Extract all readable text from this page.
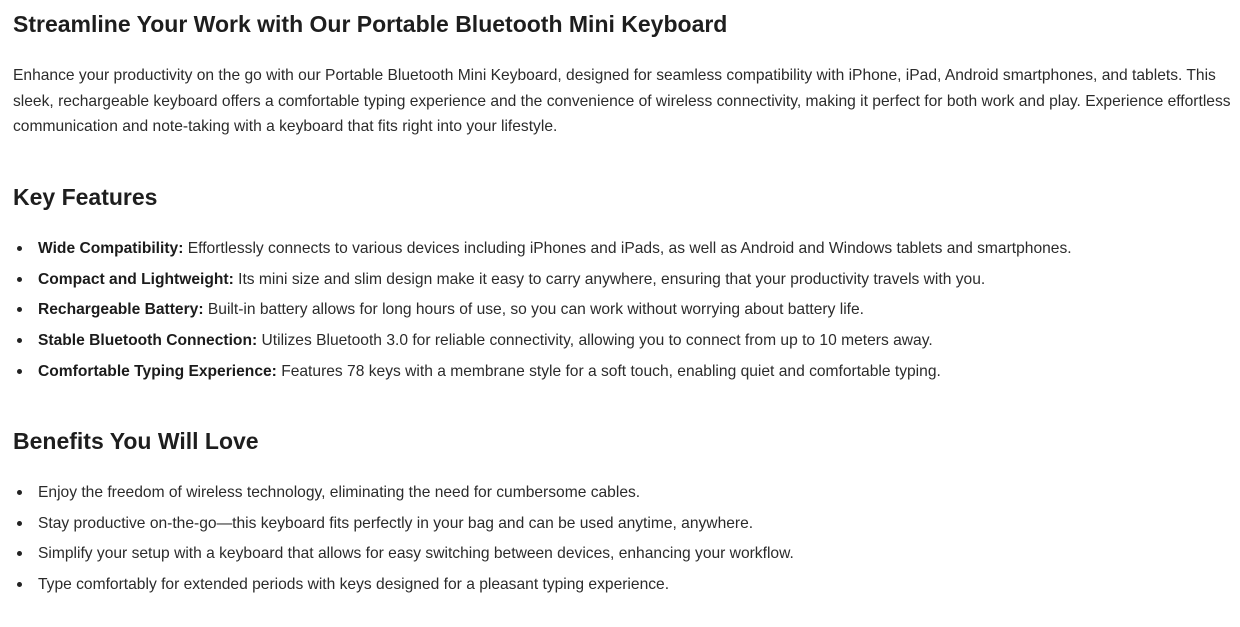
Streamline Your Work with Our Portable Bluetooth Mini Keyboard

Enhance your productivity on the go with our Portable Bluetooth Mini Keyboard, designed for seamless compatibility with iPhone, iPad, Android smartphones, and tablets. This sleek, rechargeable keyboard offers a comfortable typing experience and the convenience of wireless connectivity, making it perfect for both work and play. Experience effortless communication and note-taking with a keyboard that fits right into your lifestyle.

Key Features
Wide Compatibility: Effortlessly connects to various devices including iPhones and iPads, as well as Android and Windows tablets and smartphones.
Compact and Lightweight: Its mini size and slim design make it easy to carry anywhere, ensuring that your productivity travels with you.
Rechargeable Battery: Built-in battery allows for long hours of use, so you can work without worrying about battery life.
Stable Bluetooth Connection: Utilizes Bluetooth 3.0 for reliable connectivity, allowing you to connect from up to 10 meters away.
Comfortable Typing Experience: Features 78 keys with a membrane style for a soft touch, enabling quiet and comfortable typing.
Benefits You Will Love
Enjoy the freedom of wireless technology, eliminating the need for cumbersome cables.
Stay productive on-the-go—this keyboard fits perfectly in your bag and can be used anytime, anywhere.
Simplify your setup with a keyboard that allows for easy switching between devices, enhancing your workflow.
Type comfortably for extended periods with keys designed for a pleasant typing experience.
